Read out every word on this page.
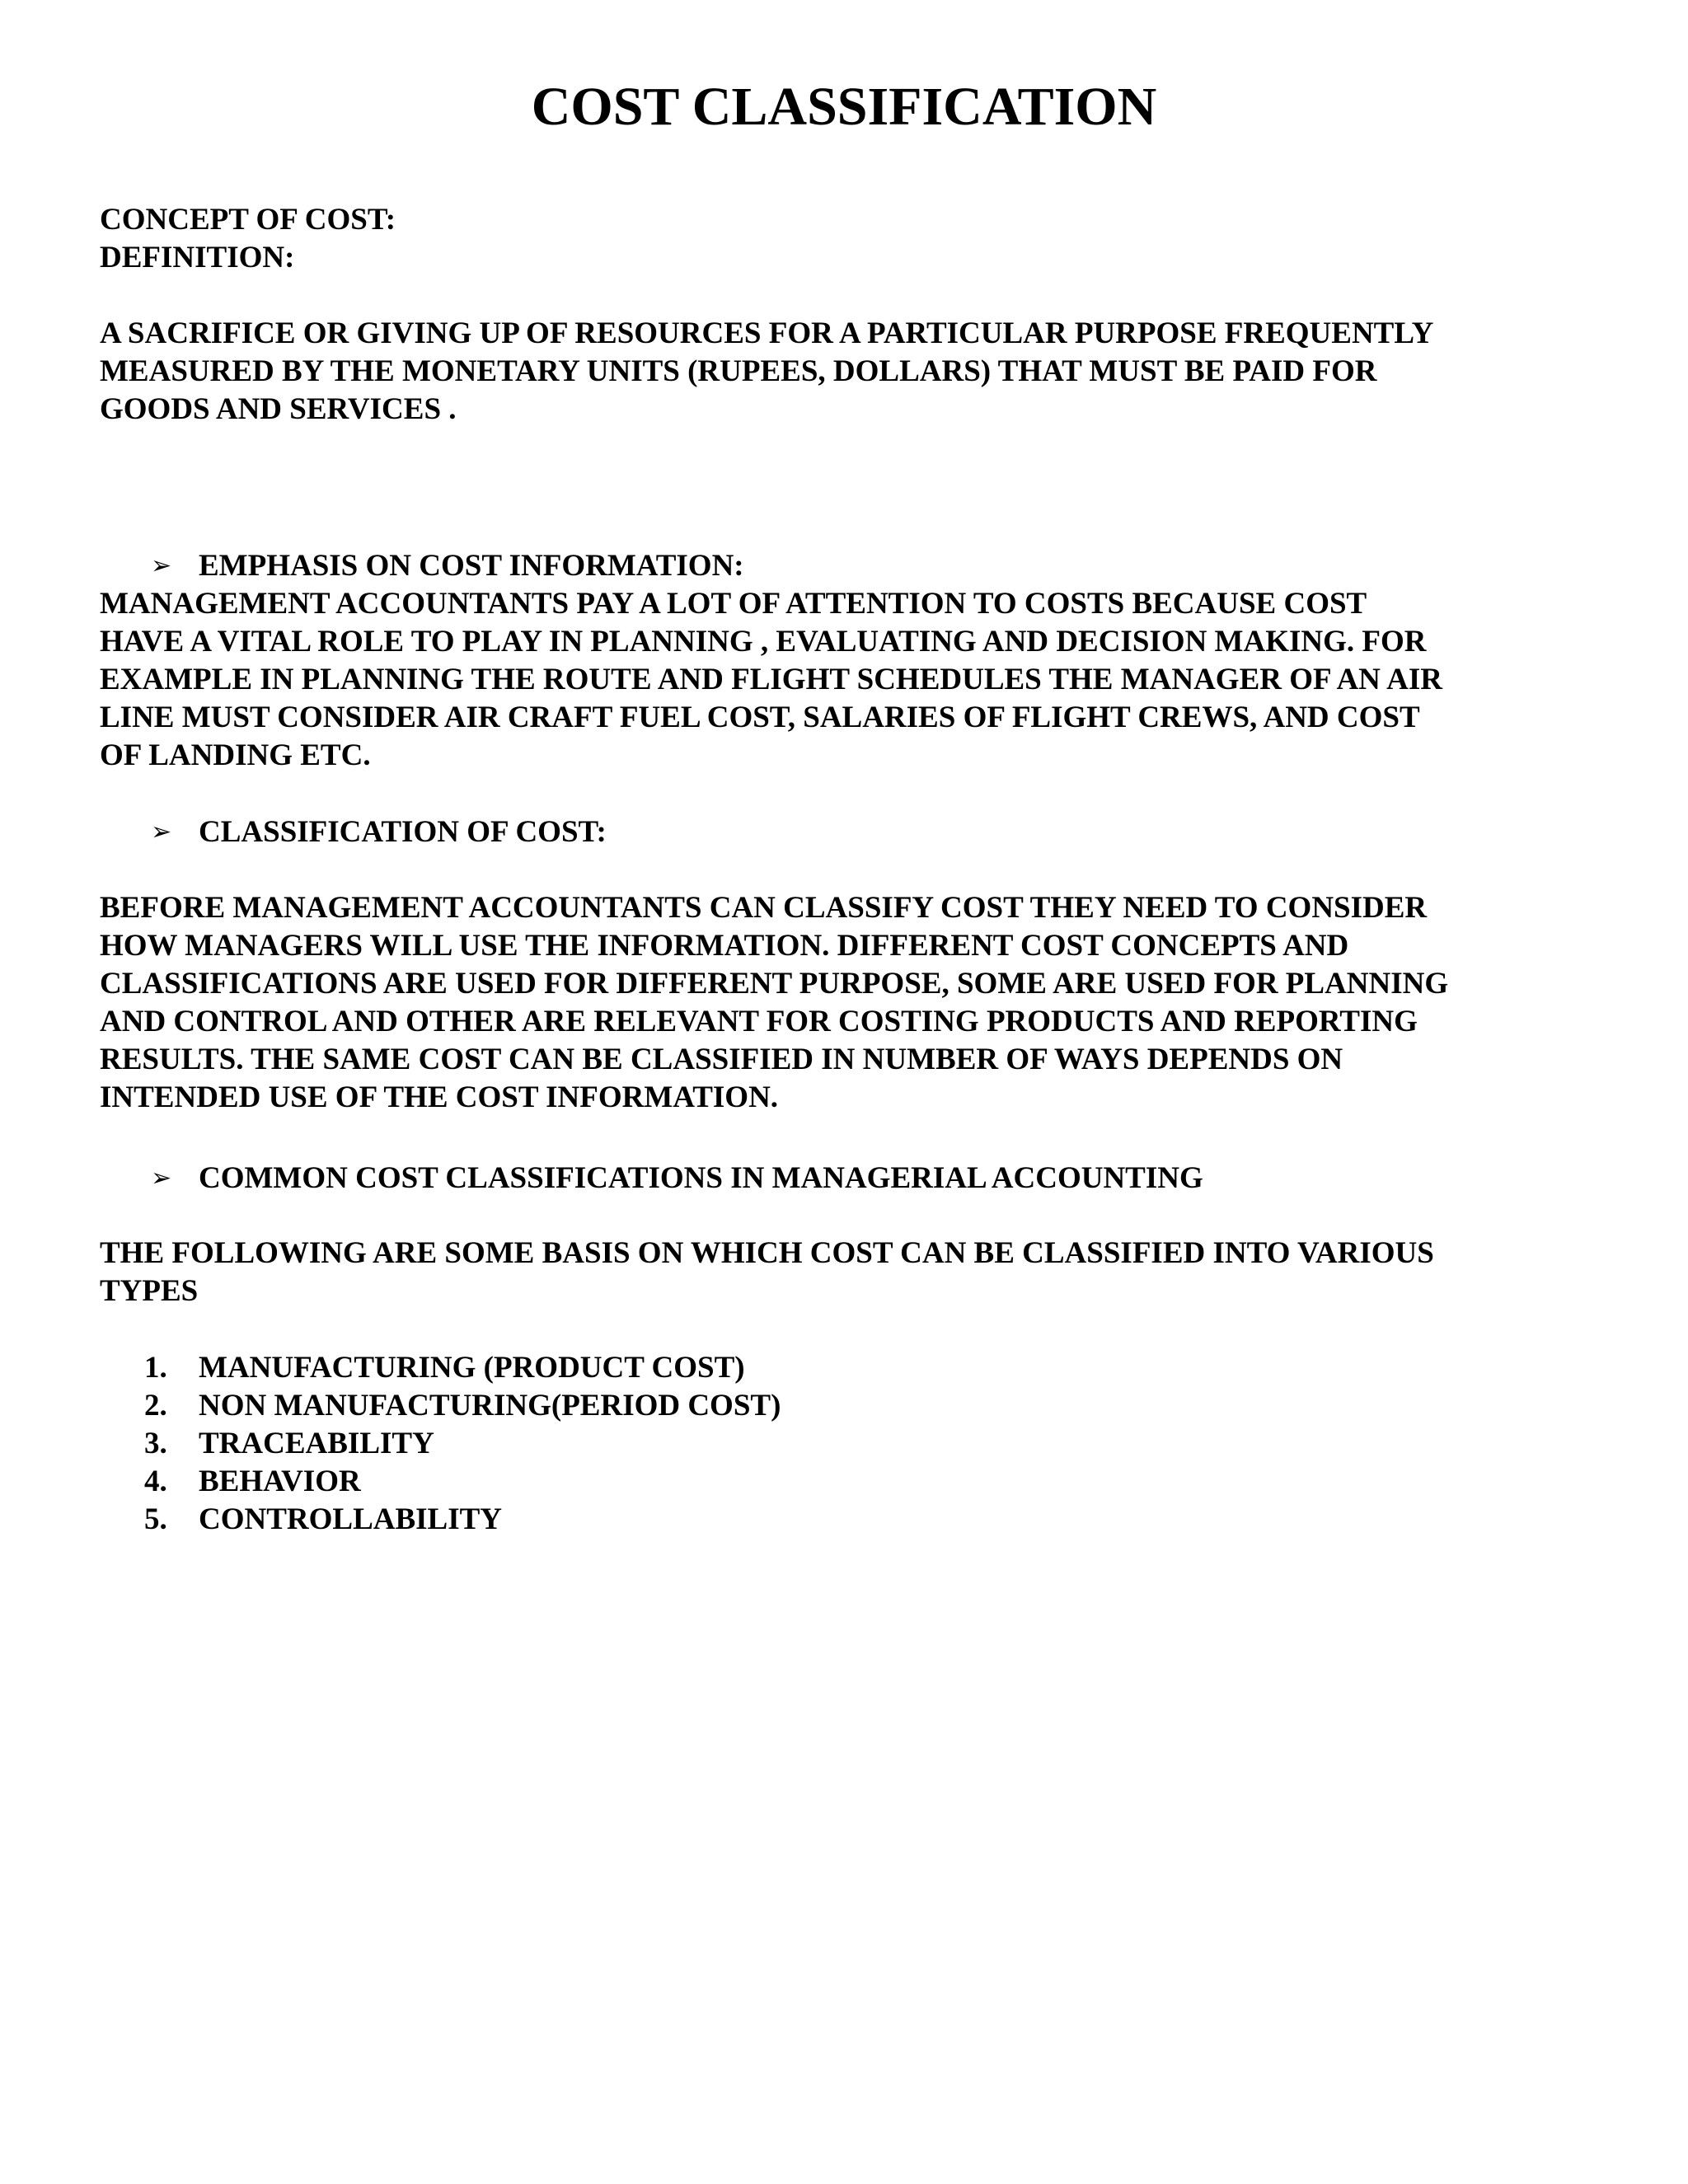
COST CLASSIFICATION

CONCEPT OF COST:
DEFINITION:

A SACRIFICE OR GIVING UP OF RESOURCES FOR A PARTICULAR PURPOSE FREQUENTLY
MEASURED BY THE MONETARY UNITS (RUPEES, DOLLARS) THAT MUST BE PAID FOR
GOODS AND SERVICES .

➢ EMPHASIS ON COST INFORMATION:

MANAGEMENT ACCOUNTANTS PAY A LOT OF ATTENTION TO COSTS BECAUSE COST
HAVE A VITAL ROLE TO PLAY IN PLANNING , EVALUATING AND DECISION MAKING. FOR
EXAMPLE IN PLANNING THE ROUTE AND FLIGHT SCHEDULES THE MANAGER OF AN AIR
LINE MUST CONSIDER AIR CRAFT FUEL COST, SALARIES OF FLIGHT CREWS, AND COST
OF LANDING ETC.

➢ CLASSIFICATION OF COST:

BEFORE MANAGEMENT ACCOUNTANTS CAN CLASSIFY COST THEY NEED TO CONSIDER
HOW MANAGERS WILL USE THE INFORMATION. DIFFERENT COST CONCEPTS AND
CLASSIFICATIONS ARE USED FOR DIFFERENT PURPOSE, SOME ARE USED FOR PLANNING
AND CONTROL AND OTHER ARE RELEVANT FOR COSTING PRODUCTS AND REPORTING
RESULTS. THE SAME COST CAN BE CLASSIFIED IN NUMBER OF WAYS DEPENDS ON
INTENDED USE OF THE COST INFORMATION.

➢ COMMON COST CLASSIFICATIONS IN MANAGERIAL ACCOUNTING

THE FOLLOWING ARE SOME BASIS ON WHICH COST CAN BE CLASSIFIED INTO VARIOUS
TYPES

1. MANUFACTURING (PRODUCT COST)
2. NON MANUFACTURING(PERIOD COST)
3. TRACEABILITY
4. BEHAVIOR
5. CONTROLLABILITY
